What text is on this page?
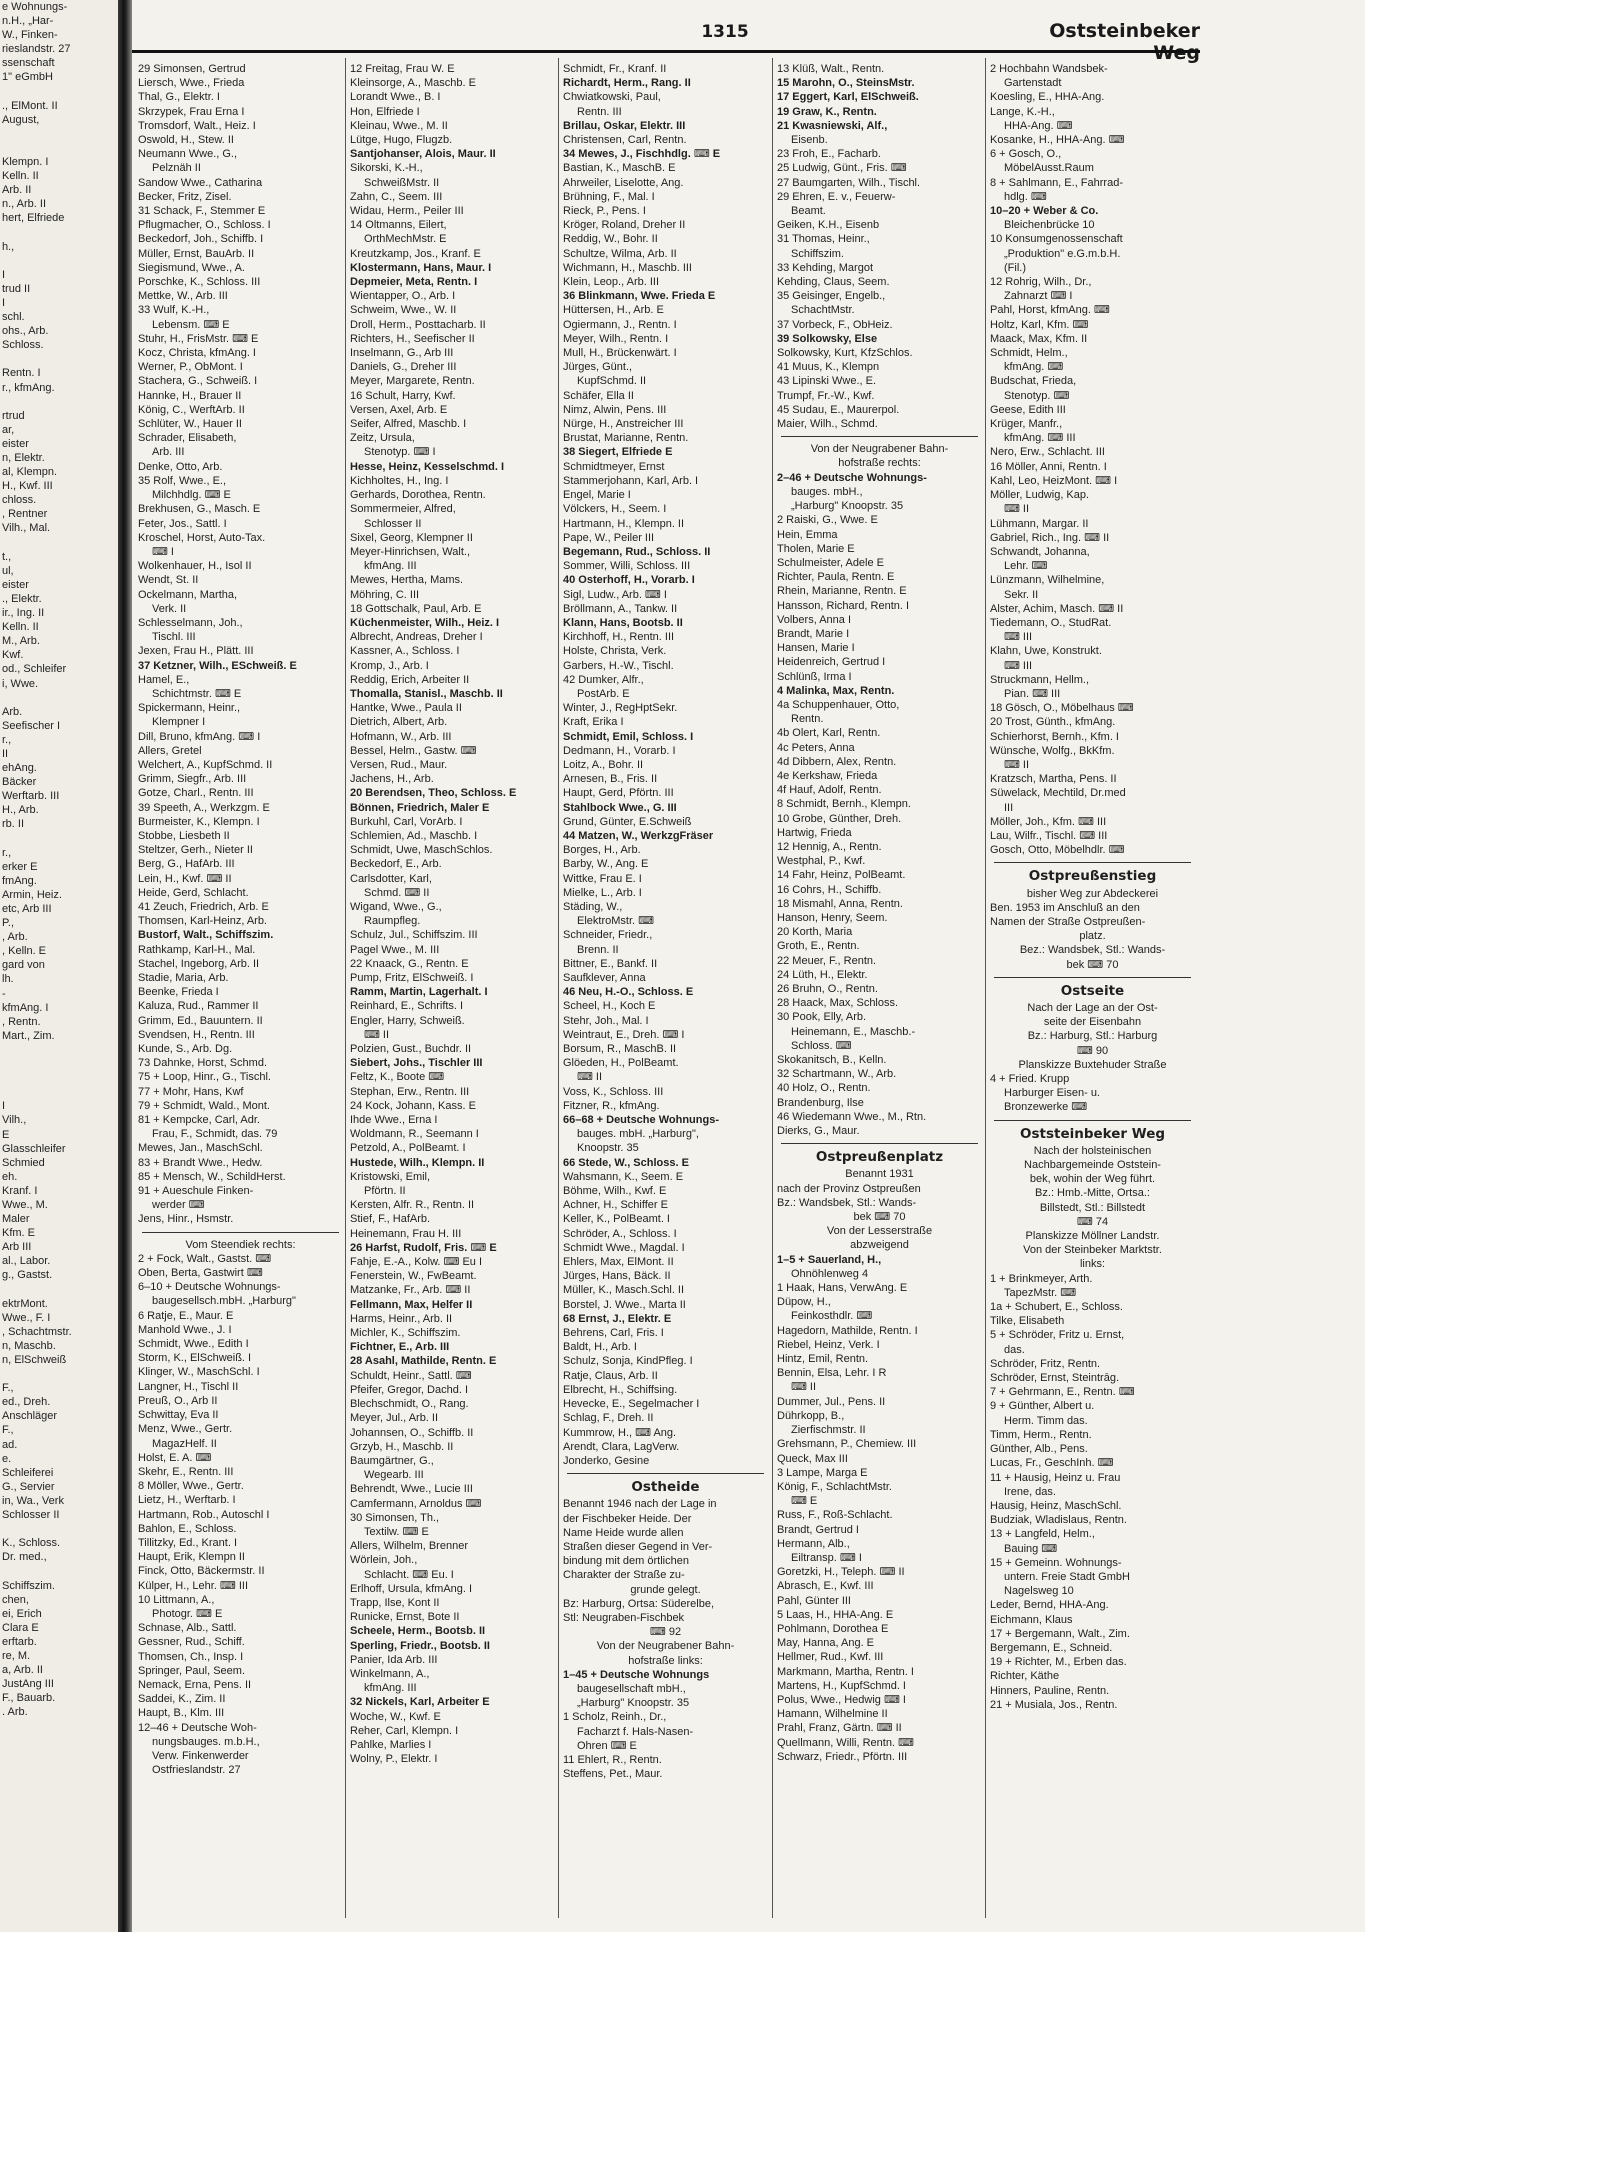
e Wohnungs-
n.H., „Har-
W., Finken-
rieslandstr. 27
ssenschaft
1" eGmbH

., ElMont. II
August,

Klempn. I
Kelln. II
Arb. II
n., Arb. II
hert, Elfriede

h.,

I
trud II
I
schl.
ohs., Arb.
Schloss.

Rentn. I
r., kfmAng.

rtrud
ar,
eister
n, Elektr.
al, Klempn.
H., Kwf. III
chloss.
, Rentner
Vilh., Mal.

t.,
ul,
eister
., Elektr.
ir., Ing. II
Kelln. II
M., Arb.
Kwf.
od., Schleifer
i, Wwe.

Arb.
Seefischer I
r.,
II
ehAng.
Bäcker
Werftarb. III
H., Arb.
rb. II

r.,
erker E
fmAng.
Armin, Heiz.
etc, Arb III
P.,
, Arb.
, Kelln. E
gard von
lh.
-
kfmAng. I
, Rentn.
Mart., Zim.

I
Vilh.,
E
Glasschleifer
Schmied
eh.
Kranf. I
Wwe., M.
Maler
Kfm. E
Arb III
al., Labor.
g., Gastst.

ektrMont.
Wwe., F. I
, Schachtmstr.
n, Maschb.
n, ElSchweiß

F.,
ed., Dreh.
Anschläger
F.,
ad.
e.
Schleiferei
G., Servier
in, Wa., Verk
Schlosser II

K., Schloss.
Dr. med.,

Schiffszim.
chen,
ei, Erich
Clara E
erftarb.
re, M.
a, Arb. II
JustAng III
F., Bauarb.
. Arb.
1315	Oststeinbeker Weg
29 Simonsen, Gertrud
Liersch, Wwe., Frieda
Thal, G., Elektr. I
Skrzypek, Frau Erna I
Tromsdorf, Walt., Heiz. I
Oswold, H., Stew. II
Neumann Wwe., G.,
Pelznäh II
Sandow Wwe., Catharina
Becker, Fritz, Zisel.
31 Schack, F., Stemmer E
Pflugmacher, O., Schloss. I
Beckedorf, Joh., Schiffb. I
Müller, Ernst, BauArb. II
Siegismund, Wwe., A.
Porschke, K., Schloss. III
Mettke, W., Arb. III
33 Wulf, K.-H.,
Lebensm. ⌨ E
Stuhr, H., FrisMstr. ⌨ E
Kocz, Christa, kfmAng. I
Werner, P., ObMont. I
Stachera, G., Schweiß. I
Hannke, H., Brauer II
König, C., WerftArb. II
Schlüter, W., Hauer II
Schrader, Elisabeth,
Arb. III
Denke, Otto, Arb.
35 Rolf, Wwe., E.,
Milchhdlg. ⌨ E
Brekhusen, G., Masch. E
Feter, Jos., Sattl. I
Kroschel, Horst, Auto-Tax.
⌨ I
Wolkenhauer, H., Isol II
Wendt, St. II
Ockelmann, Martha,
Verk. II
Schlesselmann, Joh.,
Tischl. III
Jexen, Frau H., Plätt. III
37 Ketzner, Wilh., ESchweiß. E
Hamel, E.,
Schichtmstr. ⌨ E
Spickermann, Heinr.,
Klempner I
Dill, Bruno, kfmAng. ⌨ I
Allers, Gretel
Welchert, A., KupfSchmd. II
Grimm, Siegfr., Arb. III
Gotze, Charl., Rentn. III
39 Speeth, A., Werkzgm. E
Burmeister, K., Klempn. I
Stobbe, Liesbeth II
Steltzer, Gerh., Nieter II
Berg, G., HafArb. III
Lein, H., Kwf. ⌨ II
Heide, Gerd, Schlacht.
41 Zeuch, Friedrich, Arb. E
Thomsen, Karl-Heinz, Arb.
Bustorf, Walt., Schiffszim.
Rathkamp, Karl-H., Mal.
Stachel, Ingeborg, Arb. II
Stadie, Maria, Arb.
Beenke, Frieda I
Kaluza, Rud., Rammer II
Grimm, Ed., Bauuntern. II
Svendsen, H., Rentn. III
Kunde, S., Arb. Dg.
73 Dahnke, Horst, Schmd.
75 + Loop, Hinr., G., Tischl.
77 + Mohr, Hans, Kwf
79 + Schmidt, Wald., Mont.
81 + Kempcke, Carl, Adr.
Frau, F., Schmidt, das. 79
Mewes, Jan., MaschSchl.
83 + Brandt Wwe., Hedw.
85 + Mensch, W., SchildHerst.
91 + Aueschule Finken-
werder ⌨
Jens, Hinr., Hsmstr.
Vom Steendiek rechts:
2 + Fock, Walt., Gastst. ⌨
Oben, Berta, Gastwirt ⌨
6–10 + Deutsche Wohnungs-
baugesellsch.mbH. „Harburg"
6 Ratje, E., Maur. E
Manhold Wwe., J. I
Schmidt, Wwe., Edith I
Storm, K., ElSchweiß. I
Klinger, W., MaschSchl. I
Langner, H., Tischl II
Preuß, O., Arb II
Schwittay, Eva II
Menz, Wwe., Gertr.
MagazHelf. II
Holst, E. A. ⌨
Skehr, E., Rentn. III
8 Möller, Wwe., Gertr.
Lietz, H., Werftarb. I
Hartmann, Rob., Autoschl I
Bahlon, E., Schloss.
Tillitzky, Ed., Krant. I
Haupt, Erik, Klempn II
Finck, Otto, Bäckermstr. II
Külper, H., Lehr. ⌨ III
10 Littmann, A.,
Photogr. ⌨ E
Schnase, Alb., Sattl.
Gessner, Rud., Schiff.
Thomsen, Ch., Insp. I
Springer, Paul, Seem.
Nemack, Erna, Pens. II
Saddei, K., Zim. II
Haupt, B., Klm. III
12–46 + Deutsche Woh-
nungsbauges. m.b.H.,
Verw. Finkenwerder
Ostfrieslandstr. 27
12 Freitag, Frau W. E
Kleinsorge, A., Maschb. E
Lorandt Wwe., B. I
Hon, Elfriede I
Kleinau, Wwe., M. II
Lütge, Hugo, Flugzb.
Santjohanser, Alois, Maur. II
Sikorski, K.-H.,
SchweißMstr. II
Zahn, C., Seem. III
Widau, Herm., Peiler III
14 Oltmanns, Eilert,
OrthMechMstr. E
Kreutzkamp, Jos., Kranf. E
Klostermann, Hans, Maur. I
Depmeier, Meta, Rentn. I
Wientapper, O., Arb. I
Schweim, Wwe., W. II
Droll, Herm., Posttacharb. II
Richters, H., Seefischer II
Inselmann, G., Arb III
Daniels, G., Dreher III
Meyer, Margarete, Rentn.
16 Schult, Harry, Kwf.
Versen, Axel, Arb. E
Seifer, Alfred, Maschb. I
Zeitz, Ursula,
Stenotyp. ⌨ I
Hesse, Heinz, Kesselschmd. I
Kichholtes, H., Ing. I
Gerhards, Dorothea, Rentn.
Sommermeier, Alfred,
Schlosser II
Sixel, Georg, Klempner II
Meyer-Hinrichsen, Walt.,
kfmAng. III
Mewes, Hertha, Mams.
Möhring, C. III
18 Gottschalk, Paul, Arb. E
Küchenmeister, Wilh., Heiz. I
Albrecht, Andreas, Dreher I
Kassner, A., Schloss. I
Kromp, J., Arb. I
Reddig, Erich, Arbeiter II
Thomalla, Stanisl., Maschb. II
Hantke, Wwe., Paula II
Dietrich, Albert, Arb.
Hofmann, W., Arb. III
Bessel, Helm., Gastw. ⌨
Versen, Rud., Maur.
Jachens, H., Arb.
20 Berendsen, Theo, Schloss. E
Bönnen, Friedrich, Maler E
Burkuhl, Carl, VorArb. I
Schlemien, Ad., Maschb. I
Schmidt, Uwe, MaschSchlos.
Beckedorf, E., Arb.
Carlsdotter, Karl,
Schmd. ⌨ II
Wigand, Wwe., G.,
Raumpfleg.
Schulz, Jul., Schiffszim. III
Pagel Wwe., M. III
22 Knaack, G., Rentn. E
Pump, Fritz, ElSchweiß. I
Ramm, Martin, Lagerhalt. I
Reinhard, E., Schrifts. I
Engler, Harry, Schweiß.
⌨ II
Polzien, Gust., Buchdr. II
Siebert, Johs., Tischler III
Feltz, K., Boote ⌨
Stephan, Erw., Rentn. III
24 Kock, Johann, Kass. E
Ihde Wwe., Erna I
Woldmann, R., Seemann I
Petzold, A., PolBeamt. I
Hustede, Wilh., Klempn. II
Kristowski, Emil,
Pförtn. II
Kersten, Alfr. R., Rentn. II
Stief, F., HafArb.
Heinemann, Frau H. III
26 Harfst, Rudolf, Fris. ⌨ E
Fahje, E.-A., Kolw. ⌨ Eu I
Fenerstein, W., FwBeamt.
Matzanke, Fr., Arb. ⌨ II
Fellmann, Max, Helfer II
Harms, Heinr., Arb. II
Michler, K., Schiffszim.
Fichtner, E., Arb. III
28 Asahl, Mathilde, Rentn. E
Schuldt, Heinr., Sattl. ⌨
Pfeifer, Gregor, Dachd. I
Blechschmidt, O., Rang.
Meyer, Jul., Arb. II
Johannsen, O., Schiffb. II
Grzyb, H., Maschb. II
Baumgärtner, G.,
Wegearb. III
Behrendt, Wwe., Lucie III
Camfermann, Arnoldus ⌨
30 Simonsen, Th.,
Textilw. ⌨ E
Allers, Wilhelm, Brenner
Wörlein, Joh.,
Schlacht. ⌨ Eu. I
Erlhoff, Ursula, kfmAng. I
Trapp, Ilse, Kont II
Runicke, Ernst, Bote II
Scheele, Herm., Bootsb. II
Sperling, Friedr., Bootsb. II
Panier, Ida Arb. III
Winkelmann, A.,
kfmAng. III
32 Nickels, Karl, Arbeiter E
Woche, W., Kwf. E
Reher, Carl, Klempn. I
Pahlke, Marlies I
Wolny, P., Elektr. I
Schmidt, Fr., Kranf. II
Richardt, Herm., Rang. II
Chwiatkowski, Paul,
Rentn. III
Brillau, Oskar, Elektr. III
Christensen, Carl, Rentn.
34 Mewes, J., Fischhdlg. ⌨ E
Bastian, K., MaschB. E
Ahrweiler, Liselotte, Ang.
Brühning, F., Mal. I
Rieck, P., Pens. I
Kröger, Roland, Dreher II
Reddig, W., Bohr. II
Schultze, Wilma, Arb. II
Wichmann, H., Maschb. III
Klein, Leop., Arb. III
36 Blinkmann, Wwe. Frieda E
Hüttersen, H., Arb. E
Ogiermann, J., Rentn. I
Meyer, Wilh., Rentn. I
Mull, H., Brückenwärt. I
Jürges, Günt.,
KupfSchmd. II
Schäfer, Ella II
Nimz, Alwin, Pens. III
Nürge, H., Anstreicher III
Brustat, Marianne, Rentn.
38 Siegert, Elfriede E
Schmidtmeyer, Ernst
Stammerjohann, Karl, Arb. I
Engel, Marie I
Völckers, H., Seem. I
Hartmann, H., Klempn. II
Pape, W., Peiler III
Begemann, Rud., Schloss. II
Sommer, Willi, Schloss. III
40 Osterhoff, H., Vorarb. I
Sigl, Ludw., Arb. ⌨ I
Bröllmann, A., Tankw. II
Klann, Hans, Bootsb. II
Kirchhoff, H., Rentn. III
Holste, Christa, Verk.
Garbers, H.-W., Tischl.
42 Dumker, Alfr.,
PostArb. E
Winter, J., RegHptSekr.
Kraft, Erika I
Schmidt, Emil, Schloss. I
Dedmann, H., Vorarb. I
Loitz, A., Bohr. II
Arnesen, B., Fris. II
Haupt, Gerd, Pförtn. III
Stahlbock Wwe., G. III
Grund, Günter, E.Schweiß
44 Matzen, W., WerkzgFräser
Borges, H., Arb.
Barby, W., Ang. E
Wittke, Frau E. I
Mielke, L., Arb. I
Städing, W.,
ElektroMstr. ⌨
Schneider, Friedr.,
Brenn. II
Bittner, E., Bankf. II
Saufklever, Anna
46 Neu, H.-O., Schloss. E
Scheel, H., Koch E
Stehr, Joh., Mal. I
Weintraut, E., Dreh. ⌨ I
Borsum, R., MaschB. II
Glöeden, H., PolBeamt.
⌨ II
Voss, K., Schloss. III
Fitzner, R., kfmAng.
66–68 + Deutsche Wohnungs-
bauges. mbH. „Harburg",
Knoopstr. 35
66 Stede, W., Schloss. E
Wahsmann, K., Seem. E
Böhme, Wilh., Kwf. E
Achner, H., Schiffer E
Keller, K., PolBeamt. I
Schröder, A., Schloss. I
Schmidt Wwe., Magdal. I
Ehlers, Max, ElMont. II
Jürges, Hans, Bäck. II
Müller, K., Masch.Schl. II
Borstel, J. Wwe., Marta II
68 Ernst, J., Elektr. E
Behrens, Carl, Fris. I
Baldt, H., Arb. I
Schulz, Sonja, KindPfleg. I
Ratje, Claus, Arb. II
Elbrecht, H., Schiffsing.
Hevecke, E., Segelmacher I
Schlag, F., Dreh. II
Kummrow, H., ⌨ Ang.
Arendt, Clara, LagVerw.
Jonderko, Gesine
Ostheide
Benannt 1946 nach der Lage in
der Fischbeker Heide. Der
Name Heide wurde allen
Straßen dieser Gegend in Ver-
bindung mit dem örtlichen
Charakter der Straße zu-
grunde gelegt.
Bz: Harburg, Ortsa: Süderelbe,
Stl: Neugraben-Fischbek
⌨ 92
Von der Neugrabener Bahn-
hofstraße links:
1–45 + Deutsche Wohnungs
baugesellschaft mbH.,
„Harburg" Knoopstr. 35
1 Scholz, Reinh., Dr.,
Facharzt f. Hals-Nasen-
Ohren ⌨ E
11 Ehlert, R., Rentn.
Steffens, Pet., Maur.
13 Klüß, Walt., Rentn.
15 Marohn, O., SteinsMstr.
17 Eggert, Karl, ElSchweiß.
19 Graw, K., Rentn.
21 Kwasniewski, Alf.,
Eisenb.
23 Froh, E., Facharb.
25 Ludwig, Günt., Fris. ⌨
27 Baumgarten, Wilh., Tischl.
29 Ehren, E. v., Feuerw-
Beamt.
Geiken, K.H., Eisenb
31 Thomas, Heinr.,
Schiffszim.
33 Kehding, Margot
Kehding, Claus, Seem.
35 Geisinger, Engelb.,
SchachtMstr.
37 Vorbeck, F., ObHeiz.
39 Solkowsky, Else
Solkowsky, Kurt, KfzSchlos.
41 Muus, K., Klempn
43 Lipinski Wwe., E.
Trumpf, Fr.-W., Kwf.
45 Sudau, E., Maurerpol.
Maier, Wilh., Schmd.
Von der Neugrabener Bahn-
hofstraße rechts:
2–46 + Deutsche Wohnungs-
bauges. mbH.,
„Harburg" Knoopstr. 35
2 Raiski, G., Wwe. E
Hein, Emma
Tholen, Marie E
Schulmeister, Adele E
Richter, Paula, Rentn. E
Rhein, Marianne, Rentn. E
Hansson, Richard, Rentn. I
Volbers, Anna I
Brandt, Marie I
Hansen, Marie I
Heidenreich, Gertrud I
Schlünß, Irma I
4 Malinka, Max, Rentn.
4a Schuppenhauer, Otto,
Rentn.
4b Olert, Karl, Rentn.
4c Peters, Anna
4d Dibbern, Alex, Rentn.
4e Kerkshaw, Frieda
4f Hauf, Adolf, Rentn.
8 Schmidt, Bernh., Klempn.
10 Grobe, Günther, Dreh.
Hartwig, Frieda
12 Hennig, A., Rentn.
Westphal, P., Kwf.
14 Fahr, Heinz, PolBeamt.
16 Cohrs, H., Schiffb.
18 Mismahl, Anna, Rentn.
Hanson, Henry, Seem.
20 Korth, Maria
Groth, E., Rentn.
22 Meuer, F., Rentn.
24 Lüth, H., Elektr.
26 Bruhn, O., Rentn.
28 Haack, Max, Schloss.
30 Pook, Elly, Arb.
Heinemann, E., Maschb.-
Schloss. ⌨
Skokanitsch, B., Kelln.
32 Schartmann, W., Arb.
40 Holz, O., Rentn.
Brandenburg, Ilse
46 Wiedemann Wwe., M., Rtn.
Dierks, G., Maur.
Ostpreußenplatz
Benannt 1931
nach der Provinz Ostpreußen
Bz.: Wandsbek, Stl.: Wands-
bek ⌨ 70
Von der Lesserstraße
abzweigend
1–5 + Sauerland, H.,
Ohnöhlenweg 4
1 Haak, Hans, VerwAng. E
Düpow, H.,
Feinkosthdlr. ⌨
Hagedorn, Mathilde, Rentn. I
Riebel, Heinz, Verk. I
Hintz, Emil, Rentn.
Bennin, Elsa, Lehr. I R
⌨ II
Dummer, Jul., Pens. II
Dührkopp, B.,
Zierfischmstr. II
Grehsmann, P., Chemiew. III
Queck, Max III
3 Lampe, Marga E
König, F., SchlachtMstr.
⌨ E
Russ, F., Roß-Schlacht.
Brandt, Gertrud I
Hermann, Alb.,
Eiltransp. ⌨ I
Goretzki, H., Teleph. ⌨ II
Abrasch, E., Kwf. III
Pahl, Günter III
5 Laas, H., HHA-Ang. E
Pohlmann, Dorothea E
May, Hanna, Ang. E
Hellmer, Rud., Kwf. III
Markmann, Martha, Rentn. I
Martens, H., KupfSchmd. I
Polus, Wwe., Hedwig ⌨ I
Hamann, Wilhelmine II
Prahl, Franz, Gärtn. ⌨ II
Quellmann, Willi, Rentn. ⌨
Schwarz, Friedr., Pförtn. III
2 Hochbahn Wandsbek-
Gartenstadt
Koesling, E., HHA-Ang.
Lange, K.-H.,
HHA-Ang. ⌨
Kosanke, H., HHA-Ang. ⌨
6 + Gosch, O.,
MöbelAusst.Raum
8 + Sahlmann, E., Fahrrad-
hdlg. ⌨
10–20 + Weber & Co.
Bleichenbrücke 10
10 Konsumgenossenschaft
„Produktion" e.G.m.b.H.
(Fil.)
12 Rohrig, Wilh., Dr.,
Zahnarzt ⌨ I
Pahl, Horst, kfmAng. ⌨
Holtz, Karl, Kfm. ⌨
Maack, Max, Kfm. II
Schmidt, Helm.,
kfmAng. ⌨
Budschat, Frieda,
Stenotyp. ⌨
Geese, Edith III
Krüger, Manfr.,
kfmAng. ⌨ III
Nero, Erw., Schlacht. III
16 Möller, Anni, Rentn. I
Kahl, Leo, HeizMont. ⌨ I
Möller, Ludwig, Kap.
⌨ II
Lühmann, Margar. II
Gabriel, Rich., Ing. ⌨ II
Schwandt, Johanna,
Lehr. ⌨
Lünzmann, Wilhelmine,
Sekr. II
Alster, Achim, Masch. ⌨ II
Tiedemann, O., StudRat.
⌨ III
Klahn, Uwe, Konstrukt.
⌨ III
Struckmann, Hellm.,
Pian. ⌨ III
18 Gösch, O., Möbelhaus ⌨
20 Trost, Günth., kfmAng.
Schierhorst, Bernh., Kfm. I
Wünsche, Wolfg., BkKfm.
⌨ II
Kratzsch, Martha, Pens. II
Süwelack, Mechtild, Dr.med
III
Möller, Joh., Kfm. ⌨ III
Lau, Wilfr., Tischl. ⌨ III
Gosch, Otto, Möbelhdlr. ⌨
Ostpreußenstieg
bisher Weg zur Abdeckerei
Ben. 1953 im Anschluß an den
Namen der Straße Ostpreußen-
platz.
Bez.: Wandsbek, Stl.: Wands-
bek ⌨ 70
Ostseite
Nach der Lage an der Ost-
seite der Eisenbahn
Bz.: Harburg, Stl.: Harburg
⌨ 90
Planskizze Buxtehuder Straße
4 + Fried. Krupp
Harburger Eisen- u.
Bronzewerke ⌨
Oststeinbeker Weg
Nach der holsteinischen
Nachbargemeinde Oststein-
bek, wohin der Weg führt.
Bz.: Hmb.-Mitte, Ortsa.:
Billstedt, Stl.: Billstedt
⌨ 74
Planskizze Möllner Landstr.
Von der Steinbeker Marktstr.
links:
1 + Brinkmeyer, Arth.
TapezMstr. ⌨
1a + Schubert, E., Schloss.
Tilke, Elisabeth
5 + Schröder, Fritz u. Ernst,
das.
Schröder, Fritz, Rentn.
Schröder, Ernst, Steintrāg.
7 + Gehrmann, E., Rentn. ⌨
9 + Günther, Albert u.
Herm. Timm das.
Timm, Herm., Rentn.
Günther, Alb., Pens.
Lucas, Fr., GeschInh. ⌨
11 + Hausig, Heinz u. Frau
Irene, das.
Hausig, Heinz, MaschSchl.
Budziak, Wladislaus, Rentn.
13 + Langfeld, Helm.,
Bauing ⌨
15 + Gemeinn. Wohnungs-
untern. Freie Stadt GmbH
Nagelsweg 10
Leder, Bernd, HHA-Ang.
Eichmann, Klaus
17 + Bergemann, Walt., Zim.
Bergemann, E., Schneid.
19 + Richter, M., Erben das.
Richter, Käthe
Hinners, Pauline, Rentn.
21 + Musiala, Jos., Rentn.
